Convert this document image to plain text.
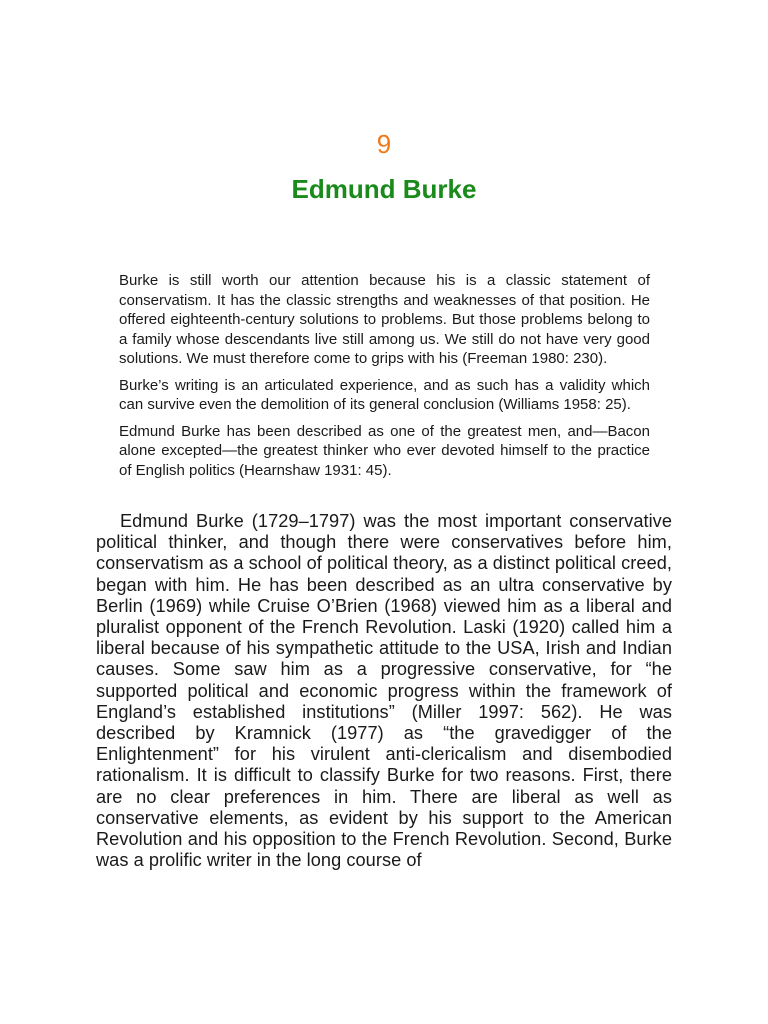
9
Edmund Burke

Burke is still worth our attention because his is a classic statement of conservatism. It has the classic strengths and weaknesses of that position. He offered eighteenth-century solutions to problems. But those problems belong to a family whose descendants live still among us. We still do not have very good solutions. We must therefore come to grips with his (Freeman 1980: 230).

Burke’s writing is an articulated experience, and as such has a validity which can survive even the demolition of its general conclusion (Williams 1958: 25).

Edmund Burke has been described as one of the greatest men, and—Bacon alone excepted—the greatest thinker who ever devoted himself to the practice of English politics (Hearnshaw 1931: 45).

Edmund Burke (1729–1797) was the most important conservative political thinker, and though there were conservatives before him, conservatism as a school of political theory, as a distinct political creed, began with him. He has been described as an ultra conservative by Berlin (1969) while Cruise O’Brien (1968) viewed him as a liberal and pluralist opponent of the French Revolution. Laski (1920) called him a liberal because of his sympathetic attitude to the USA, Irish and Indian causes. Some saw him as a progressive conservative, for “he supported political and economic progress within the framework of England’s established institutions” (Miller 1997: 562). He was described by Kramnick (1977) as “the gravedigger of the Enlightenment” for his virulent anti-clericalism and disembodied rationalism. It is difficult to classify Burke for two reasons. First, there are no clear preferences in him. There are liberal as well as conservative elements, as evident by his support to the American Revolution and his opposition to the French Revolution. Second, Burke was a prolific writer in the long course of
